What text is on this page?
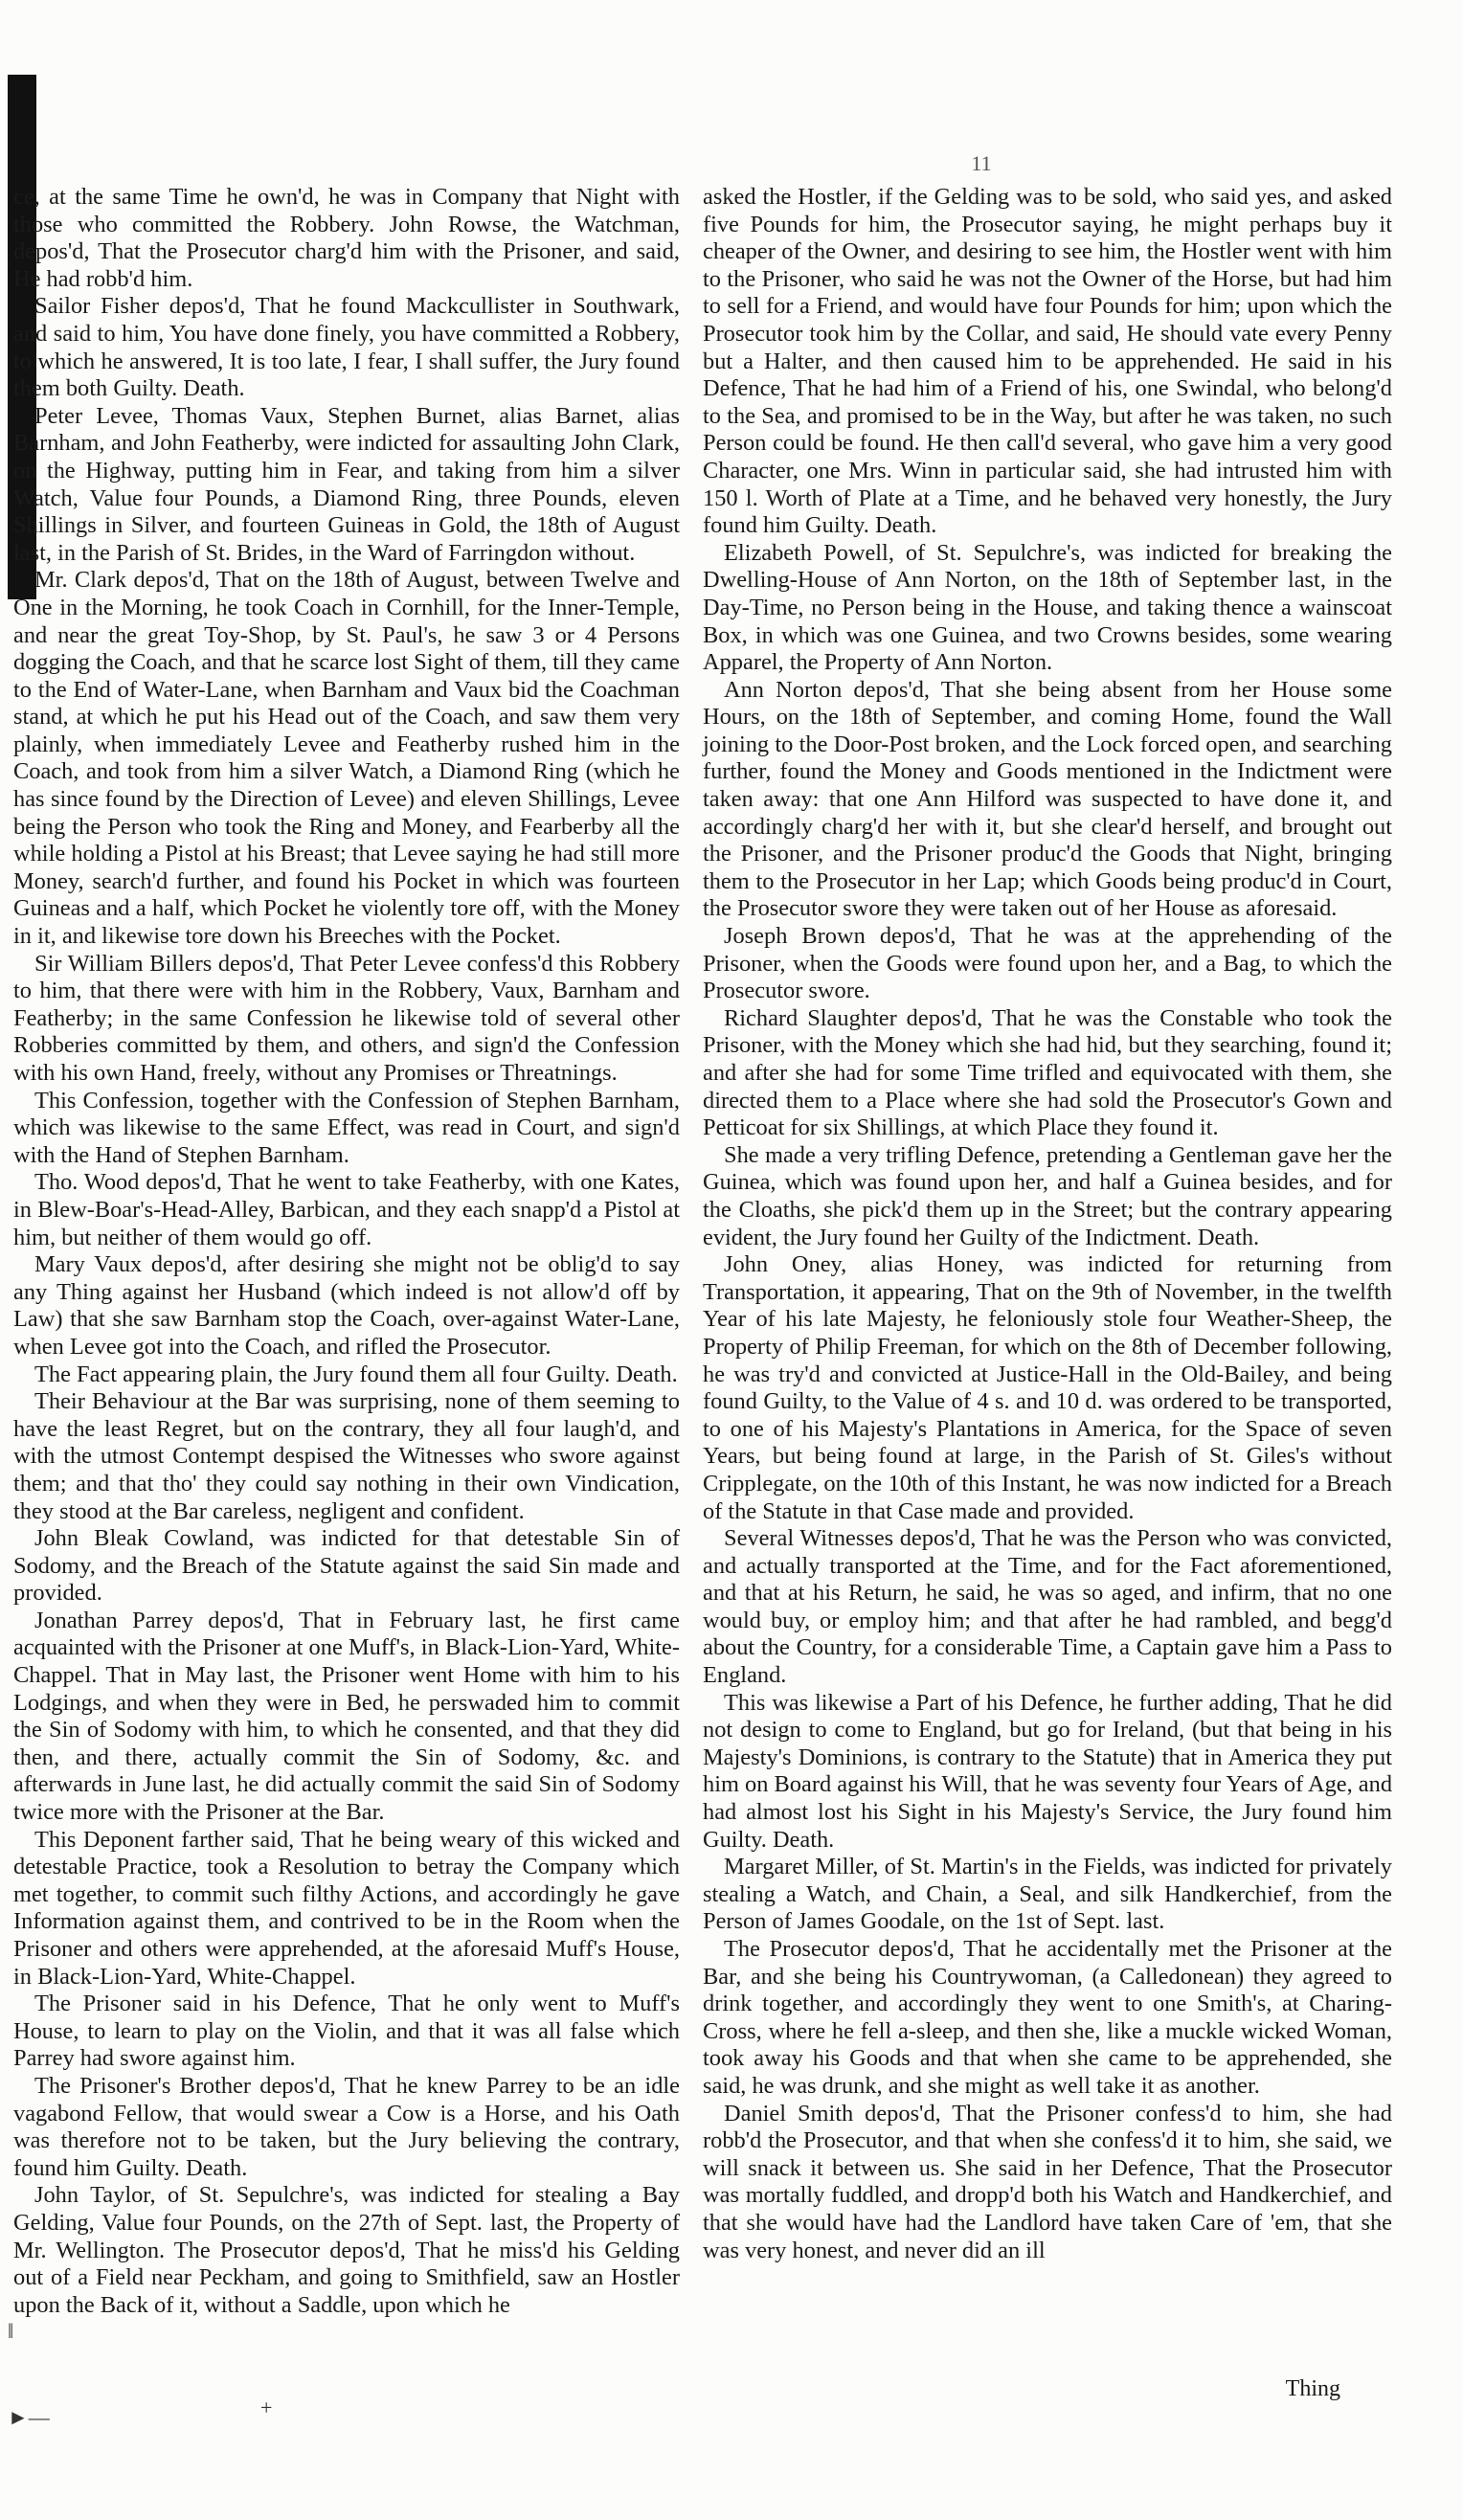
11

ce, at the same Time he own'd, he was in Company that Night with those who committed the Robbery. John Rowse, the Watchman, depos'd, That the Prosecutor charg'd him with the Prisoner, and said, He had robb'd him.

Sailor Fisher depos'd, That he found Mackcullister in Southwark, and said to him, You have done finely, you have committed a Robbery, to which he answered, It is too late, I fear, I shall suffer, the Jury found them both Guilty. Death.

Peter Levee, Thomas Vaux, Stephen Burnet, alias Barnet, alias Barnham, and John Featherby, were indicted for assaulting John Clark, on the Highway, putting him in Fear, and taking from him a silver Watch, Value four Pounds, a Diamond Ring, three Pounds, eleven Shillings in Silver, and fourteen Guineas in Gold, the 18th of August last, in the Parish of St. Brides, in the Ward of Farringdon without.

Mr. Clark depos'd, That on the 18th of August, between Twelve and One in the Morning, he took Coach in Cornhill, for the Inner-Temple, and near the great Toy-Shop, by St. Paul's, he saw 3 or 4 Persons dogging the Coach, and that he scarce lost Sight of them, till they came to the End of Water-Lane, when Barnham and Vaux bid the Coachman stand, at which he put his Head out of the Coach, and saw them very plainly, when immediately Levee and Featherby rushed him in the Coach, and took from him a silver Watch, a Diamond Ring (which he has since found by the Direction of Levee) and eleven Shillings, Levee being the Person who took the Ring and Money, and Fearberby all the while holding a Pistol at his Breast; that Levee saying he had still more Money, search'd further, and found his Pocket in which was fourteen Guineas and a half, which Pocket he violently tore off, with the Money in it, and likewise tore down his Breeches with the Pocket.

Sir William Billers depos'd, That Peter Levee confess'd this Robbery to him, that there were with him in the Robbery, Vaux, Barnham and Featherby; in the same Confession he likewise told of several other Robberies committed by them, and others, and sign'd the Confession with his own Hand, freely, without any Promises or Threatnings.

This Confession, together with the Confession of Stephen Barnham, which was likewise to the same Effect, was read in Court, and sign'd with the Hand of Stephen Barnham.

Tho. Wood depos'd, That he went to take Featherby, with one Kates, in Blew-Boar's-Head-Alley, Barbican, and they each snapp'd a Pistol at him, but neither of them would go off.

Mary Vaux depos'd, after desiring she might not be oblig'd to say any Thing against her Husband (which indeed is not allow'd off by Law) that she saw Barnham stop the Coach, over-against Water-Lane, when Levee got into the Coach, and rifled the Prosecutor.

The Fact appearing plain, the Jury found them all four Guilty. Death.

Their Behaviour at the Bar was surprising, none of them seeming to have the least Regret, but on the contrary, they all four laugh'd, and with the utmost Contempt despised the Witnesses who swore against them; and that tho' they could say nothing in their own Vindication, they stood at the Bar careless, negligent and confident.

John Bleak Cowland, was indicted for that detestable Sin of Sodomy, and the Breach of the Statute against the said Sin made and provided.

Jonathan Parrey depos'd, That in February last, he first came acquainted with the Prisoner at one Muff's, in Black-Lion-Yard, White-Chappel. That in May last, the Prisoner went Home with him to his Lodgings, and when they were in Bed, he perswaded him to commit the Sin of Sodomy with him, to which he consented, and that they did then, and there, actually commit the Sin of Sodomy, &c. and afterwards in June last, he did actually commit the said Sin of Sodomy twice more with the Prisoner at the Bar.

This Deponent farther said, That he being weary of this wicked and detestable Practice, took a Resolution to betray the Company which met together, to commit such filthy Actions, and accordingly he gave Information against them, and contrived to be in the Room when the Prisoner and others were apprehended, at the aforesaid Muff's House, in Black-Lion-Yard, White-Chappel.

The Prisoner said in his Defence, That he only went to Muff's House, to learn to play on the Violin, and that it was all false which Parrey had swore against him.

The Prisoner's Brother depos'd, That he knew Parrey to be an idle vagabond Fellow, that would swear a Cow is a Horse, and his Oath was therefore not to be taken, but the Jury believing the contrary, found him Guilty. Death.

John Taylor, of St. Sepulchre's, was indicted for stealing a Bay Gelding, Value four Pounds, on the 27th of Sept. last, the Property of Mr. Wellington. The Prosecutor depos'd, That he miss'd his Gelding out of a Field near Peckham, and going to Smithfield, saw an Hostler upon the Back of it, without a Saddle, upon which he

asked the Hostler, if the Gelding was to be sold, who said yes, and asked five Pounds for him, the Prosecutor saying, he might perhaps buy it cheaper of the Owner, and desiring to see him, the Hostler went with him to the Prisoner, who said he was not the Owner of the Horse, but had him to sell for a Friend, and would have four Pounds for him; upon which the Prosecutor took him by the Collar, and said, He should vate every Penny but a Halter, and then caused him to be apprehended. He said in his Defence, That he had him of a Friend of his, one Swindal, who belong'd to the Sea, and promised to be in the Way, but after he was taken, no such Person could be found. He then call'd several, who gave him a very good Character, one Mrs. Winn in particular said, she had intrusted him with 150 l. Worth of Plate at a Time, and he behaved very honestly, the Jury found him Guilty. Death.

Elizabeth Powell, of St. Sepulchre's, was indicted for breaking the Dwelling-House of Ann Norton, on the 18th of September last, in the Day-Time, no Person being in the House, and taking thence a wainscoat Box, in which was one Guinea, and two Crowns besides, some wearing Apparel, the Property of Ann Norton.

Ann Norton depos'd, That she being absent from her House some Hours, on the 18th of September, and coming Home, found the Wall joining to the Door-Post broken, and the Lock forced open, and searching further, found the Money and Goods mentioned in the Indictment were taken away: that one Ann Hilford was suspected to have done it, and accordingly charg'd her with it, but she clear'd herself, and brought out the Prisoner, and the Prisoner produc'd the Goods that Night, bringing them to the Prosecutor in her Lap; which Goods being produc'd in Court, the Prosecutor swore they were taken out of her House as aforesaid.

Joseph Brown depos'd, That he was at the apprehending of the Prisoner, when the Goods were found upon her, and a Bag, to which the Prosecutor swore.

Richard Slaughter depos'd, That he was the Constable who took the Prisoner, with the Money which she had hid, but they searching, found it; and after she had for some Time trifled and equivocated with them, she directed them to a Place where she had sold the Prosecutor's Gown and Petticoat for six Shillings, at which Place they found it.

She made a very trifling Defence, pretending a Gentleman gave her the Guinea, which was found upon her, and half a Guinea besides, and for the Cloaths, she pick'd them up in the Street; but the contrary appearing evident, the Jury found her Guilty of the Indictment. Death.

John Oney, alias Honey, was indicted for returning from Transportation, it appearing, That on the 9th of November, in the twelfth Year of his late Majesty, he feloniously stole four Weather-Sheep, the Property of Philip Freeman, for which on the 8th of December following, he was try'd and convicted at Justice-Hall in the Old-Bailey, and being found Guilty, to the Value of 4 s. and 10 d. was ordered to be transported, to one of his Majesty's Plantations in America, for the Space of seven Years, but being found at large, in the Parish of St. Giles's without Cripplegate, on the 10th of this Instant, he was now indicted for a Breach of the Statute in that Case made and provided.

Several Witnesses depos'd, That he was the Person who was convicted, and actually transported at the Time, and for the Fact aforementioned, and that at his Return, he said, he was so aged, and infirm, that no one would buy, or employ him; and that after he had rambled, and begg'd about the Country, for a considerable Time, a Captain gave him a Pass to England.

This was likewise a Part of his Defence, he further adding, That he did not design to come to England, but go for Ireland, (but that being in his Majesty's Dominions, is contrary to the Statute) that in America they put him on Board against his Will, that he was seventy four Years of Age, and had almost lost his Sight in his Majesty's Service, the Jury found him Guilty. Death.

Margaret Miller, of St. Martin's in the Fields, was indicted for privately stealing a Watch, and Chain, a Seal, and silk Handkerchief, from the Person of James Goodale, on the 1st of Sept. last.

The Prosecutor depos'd, That he accidentally met the Prisoner at the Bar, and she being his Countrywoman, (a Calledonean) they agreed to drink together, and accordingly they went to one Smith's, at Charing-Cross, where he fell a-sleep, and then she, like a muckle wicked Woman, took away his Goods and that when she came to be apprehended, she said, he was drunk, and she might as well take it as another.

Daniel Smith depos'd, That the Prisoner confess'd to him, she had robb'd the Prosecutor, and that when she confess'd it to him, she said, we will snack it between us. She said in her Defence, That the Prosecutor was mortally fuddled, and dropp'd both his Watch and Handkerchief, and that she would have had the Landlord have taken Care of 'em, that she was very honest, and never did an ill

Thing
‖
►—	+
